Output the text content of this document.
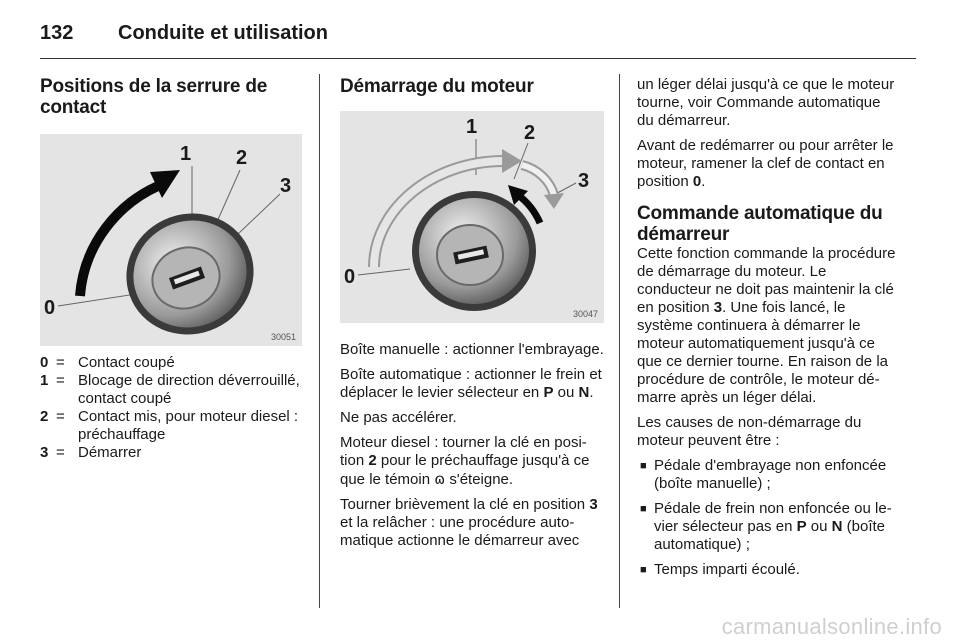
132 Conduite et utilisation
Positions de la serrure de contact
0
1 2
3
30051
0 = Contact coupé
1 = Blocage de direction déverrouillé, contact coupé
2 = Contact mis, pour moteur diesel : préchauffage
3 = Démarrer
Démarrage du moteur
0
1 2
3
30047

Boîte manuelle : actionner l'embrayage.

Boîte automatique : actionner le frein et déplacer le levier sélecteur en P ou N.

Ne pas accélérer.

Moteur diesel : tourner la clé en position 2 pour le préchauffage jusqu'à ce que le témoin ɷ s'éteigne.

Tourner brièvement la clé en position 3 et la relâcher : une procédure automatique actionne le démarreur avec

un léger délai jusqu'à ce que le moteur tourne, voir Commande automatique du démarreur.

Avant de redémarrer ou pour arrêter le moteur, ramener la clef de contact en position 0.

Commande automatique du démarreur

Cette fonction commande la procédure de démarrage du moteur. Le conducteur ne doit pas maintenir la clé en position 3. Une fois lancé, le système continuera à démarrer le moteur automatiquement jusqu'à ce que ce dernier tourne. En raison de la procédure de contrôle, le moteur démarre après un léger délai.

Les causes de non-démarrage du moteur peuvent être :

■ Pédale d'embrayage non enfoncée (boîte manuelle) ;
■ Pédale de frein non enfoncée ou levier sélecteur pas en P ou N (boîte automatique) ;
■ Temps imparti écoulé.
carmanualsonline.info
